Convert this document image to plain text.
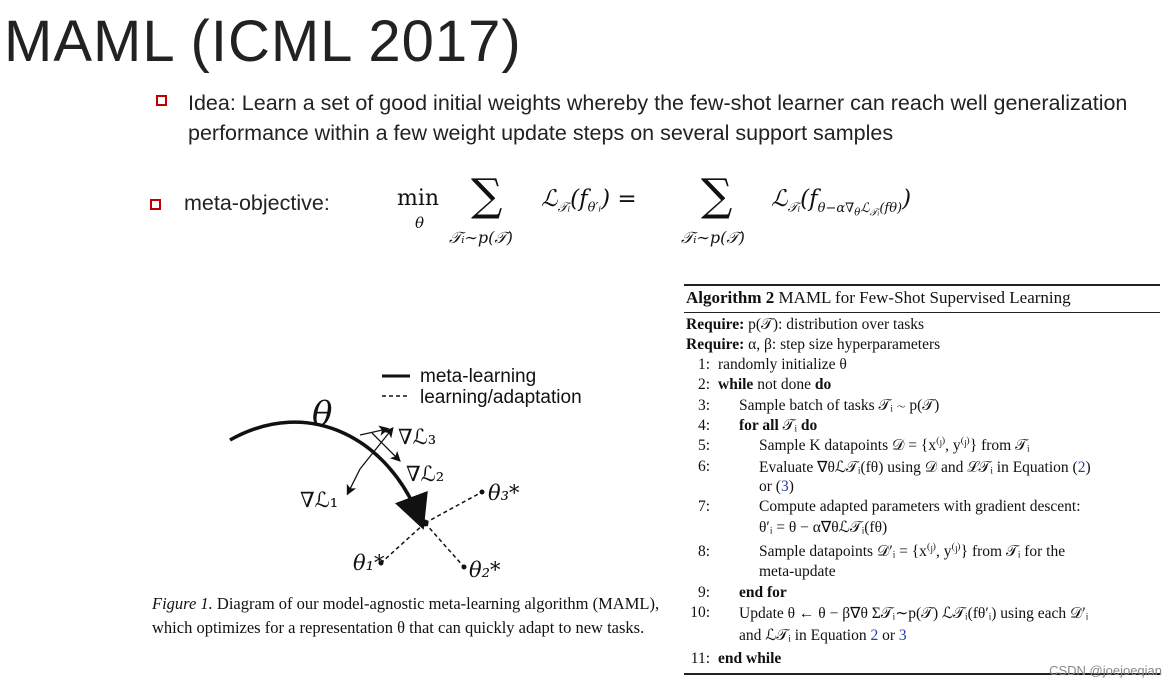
MAML (ICML 2017)
Idea: Learn a set of good initial weights whereby the few-shot learner can reach well generalization performance within a few weight update steps on several support samples
meta-objective:	min
θ
∑
𝒯ᵢ∼p(𝒯)
$ℒ_{𝒯ᵢ}(f_{\theta'ᵢ})$ = ∑
𝒯ᵢ∼p(𝒯)
$ℒ_{𝒯ᵢ}(f_{\theta-\alpha\nabla_\theta ℒ_{𝒯ᵢ}(f\theta)})$
meta-learning
learning/adaptation
θ
∇ℒ₃
∇ℒ₂
∇ℒ₁	θ₃*
θ₂*
θ₁*
Figure 1. Diagram of our model-agnostic meta-learning algorithm (MAML), which optimizes for a representation θ that can quickly adapt to new tasks.
Algorithm 2 MAML for Few-Shot Supervised Learning
Require: p(𝒯): distribution over tasks
Require: α, β: step size hyperparameters
1: randomly initialize θ
2: while not done do
3: Sample batch of tasks 𝒯ᵢ ∼ p(𝒯)
4: for all 𝒯ᵢ do
5:	Sample K datapoints 𝒟 = {x⁽ʲ⁾, y⁽ʲ⁾} from 𝒯ᵢ
6:	Evaluate ∇θℒ𝒯ᵢ(fθ) using 𝒟 and ℒ𝒯ᵢ in Equation (2)
or (3)
7:	Compute adapted parameters with gradient descent:
θ′ᵢ = θ − α∇θℒ𝒯ᵢ(fθ)
8:	Sample datapoints 𝒟′ᵢ = {x⁽ʲ⁾, y⁽ʲ⁾} from 𝒯ᵢ for the
meta-update
9: end for
10: Update θ ← θ − β∇θ Σ𝒯ᵢ∼p(𝒯) ℒ𝒯ᵢ(fθ′ᵢ) using each 𝒟′ᵢ
and ℒ𝒯ᵢ in Equation 2 or 3
11: end while
CSDN @joejoeqian
